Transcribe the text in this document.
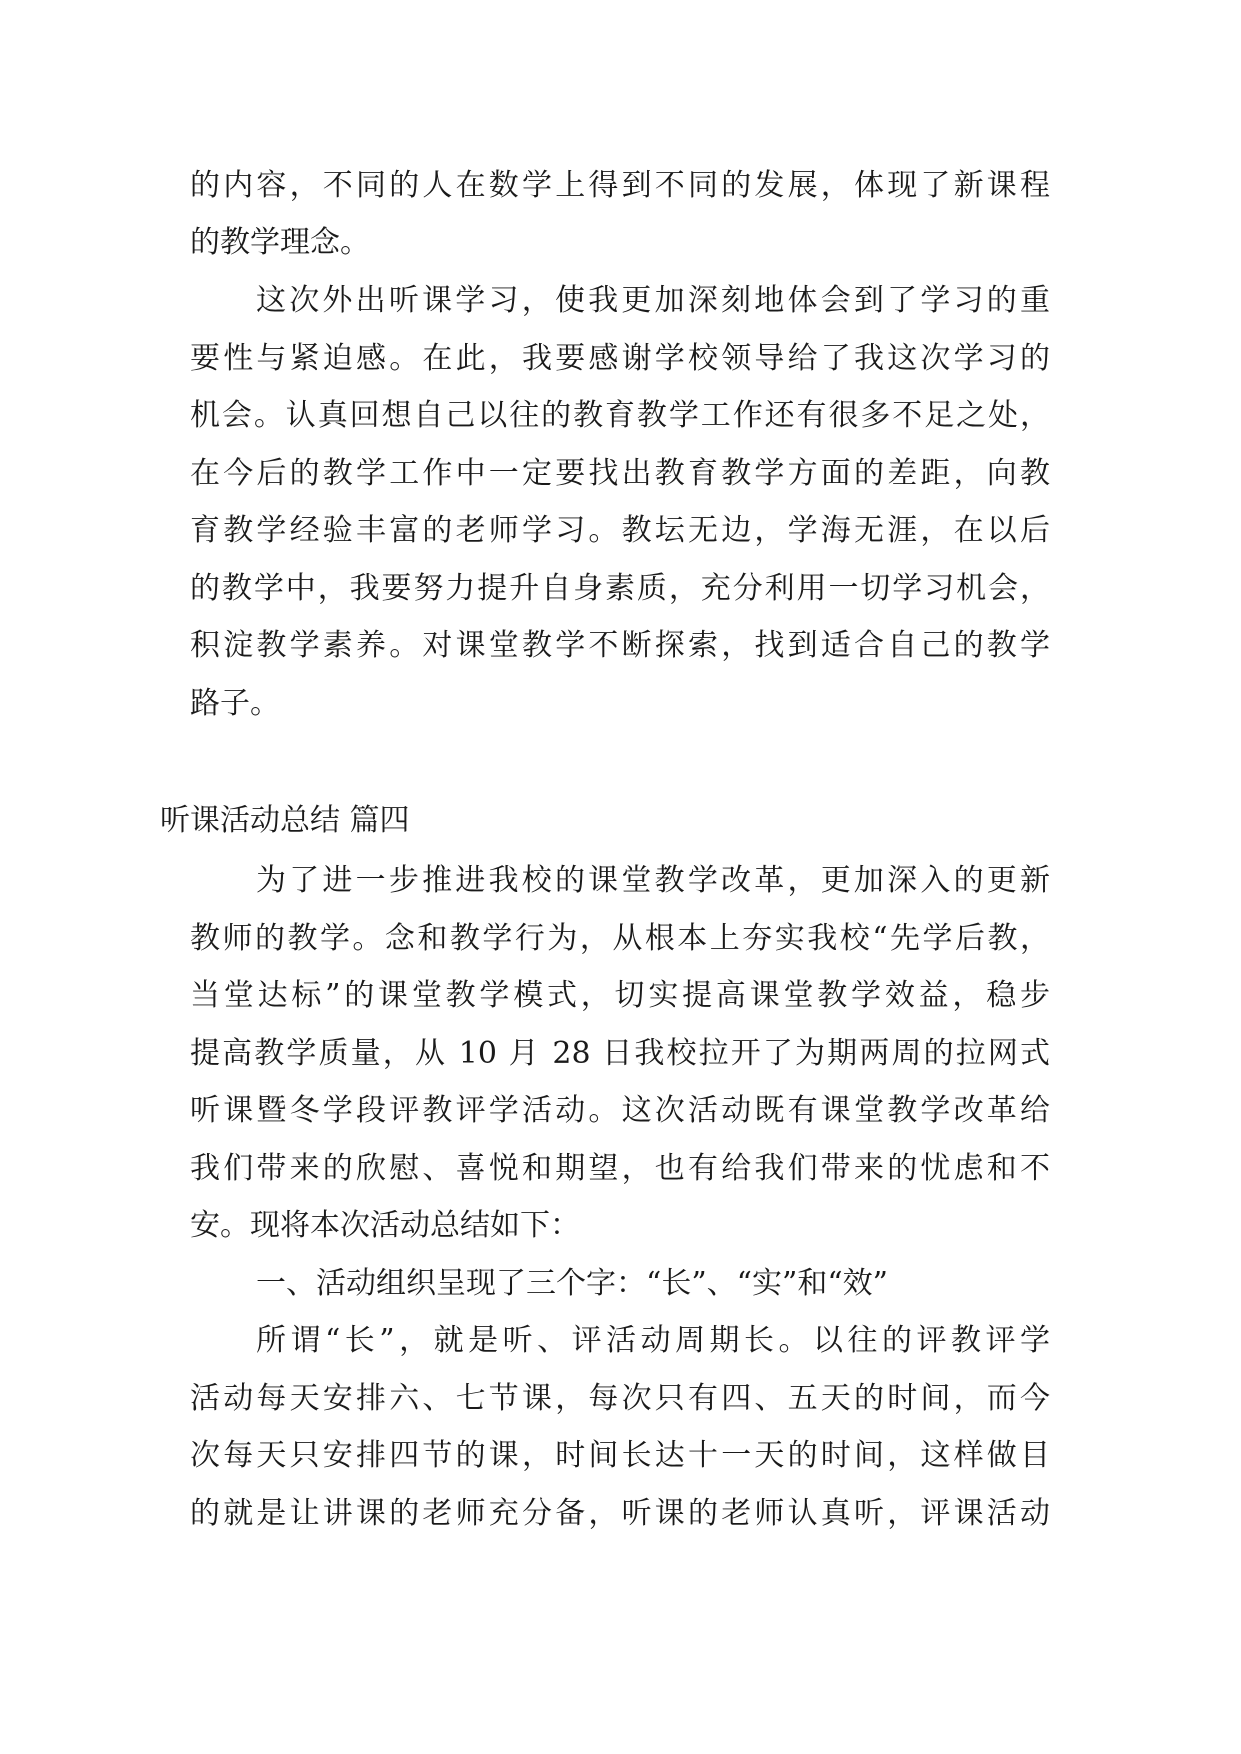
的内容，不同的人在数学上得到不同的发展，体现了新课程
的教学理念。
这次外出听课学习，使我更加深刻地体会到了学习的重
要性与紧迫感。在此，我要感谢学校领导给了我这次学习的
机会。认真回想自己以往的教育教学工作还有很多不足之处，
在今后的教学工作中一定要找出教育教学方面的差距，向教
育教学经验丰富的老师学习。教坛无边，学海无涯，在以后
的教学中，我要努力提升自身素质，充分利用一切学习机会，
积淀教学素养。对课堂教学不断探索，找到适合自己的教学
路子。
听课活动总结 篇四
为了进一步推进我校的课堂教学改革，更加深入的更新
教师的教学。念和教学行为，从根本上夯实我校“先学后教，
当堂达标”的课堂教学模式，切实提高课堂教学效益，稳步
提高教学质量，从 10 月 28 日我校拉开了为期两周的拉网式
听课暨冬学段评教评学活动。这次活动既有课堂教学改革给
我们带来的欣慰、喜悦和期望，也有给我们带来的忧虑和不
安。现将本次活动总结如下：
一、活动组织呈现了三个字：“长”、“实”和“效”
所谓“长”，就是听、评活动周期长。以往的评教评学
活动每天安排六、七节课，每次只有四、五天的时间，而今
次每天只安排四节的课，时间长达十一天的时间，这样做目
的就是让讲课的老师充分备，听课的老师认真听，评课活动
